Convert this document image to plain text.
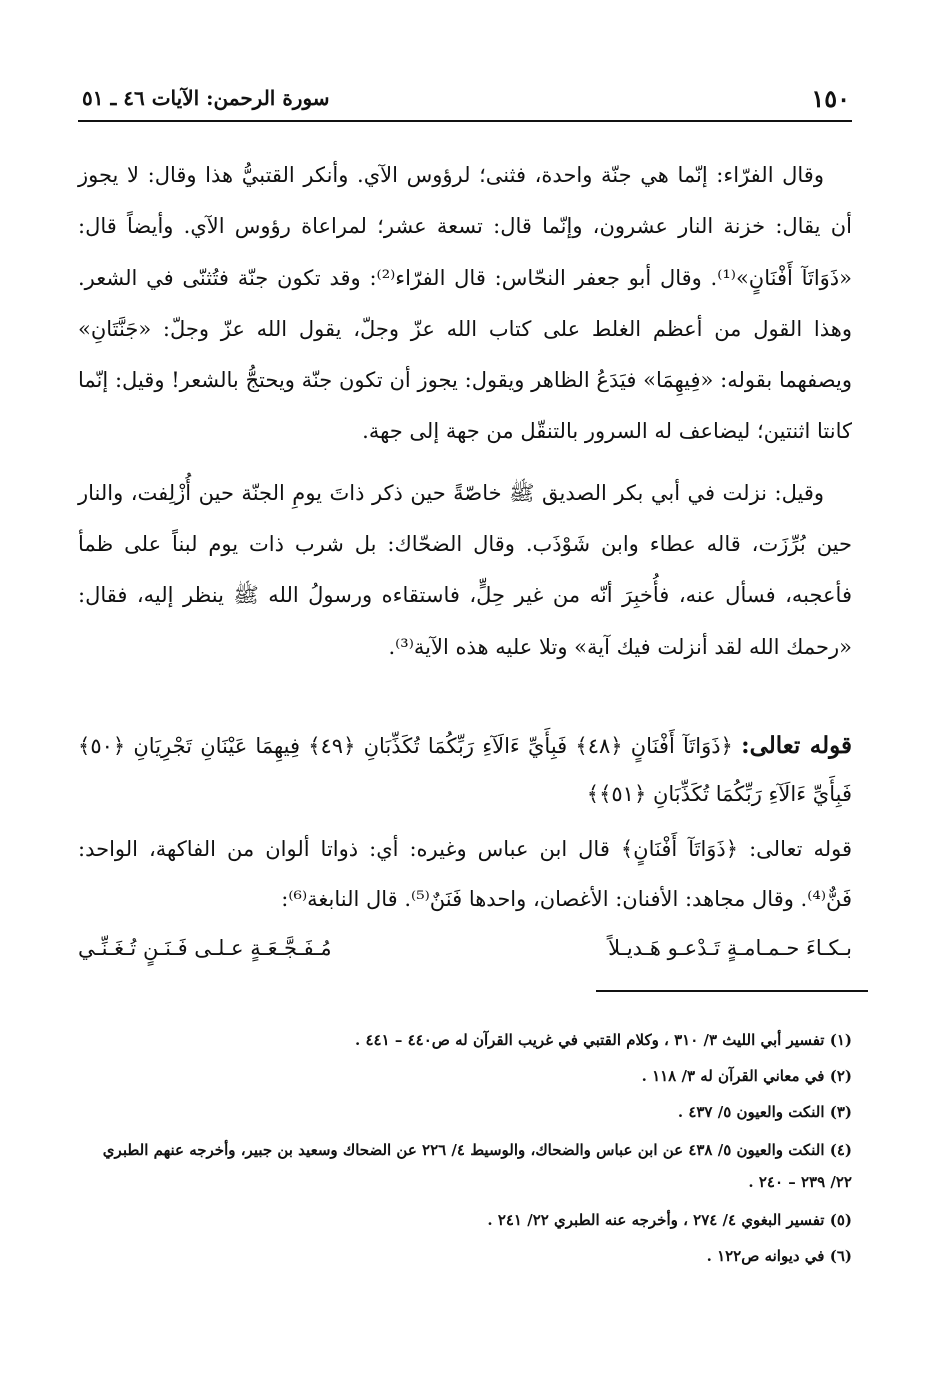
١٥٠
سورة الرحمن: الآيات ٤٦ ـ ٥١

وقال الفرّاء: إنّما هي جنّة واحدة، فثنى؛ لرؤوس الآي. وأنكر القتبيُّ هذا وقال: لا يجوز أن يقال: خزنة النار عشرون، وإنّما قال: تسعة عشر؛ لمراعاة رؤوس الآي. وأيضاً قال: «ذَوَاتَآ أَفْنَانٍ»⁽¹⁾. وقال أبو جعفر النحّاس: قال الفرّاء⁽²⁾: وقد تكون جنّة فتُثنّى في الشعر. وهذا القول من أعظم الغلط على كتاب الله عزّ وجلّ، يقول الله عزّ وجلّ: «جَنَّتَانِ» ويصفهما بقوله: «فِيهِمَا» فيَدَعُ الظاهر ويقول: يجوز أن تكون جنّة ويحتجُّ بالشعر! وقيل: إنّما كانتا اثنتين؛ ليضاعف له السرور بالتنقّل من جهة إلى جهة.

وقيل: نزلت في أبي بكر الصديق ﷺ خاصّةً حين ذكر ذاتَ يومِ الجنّة حين أُزْلِفت، والنار حين بُرِّزَت، قاله عطاء وابن شَوْذَب. وقال الضحّاك: بل شرب ذات يوم لبناً على ظمأ فأعجبه، فسأل عنه، فأُخبِرَ أنّه من غير حِلٍّ، فاستقاءه ورسولُ الله ﷺ ينظر إليه، فقال: «رحمك الله لقد أنزلت فيك آية» وتلا عليه هذه الآية⁽³⁾.

قوله تعالى: ﴿ذَوَاتَآ أَفْنَانٍ ﴿٤٨﴾ فَبِأَيِّ ءَالَآءِ رَبِّكُمَا تُكَذِّبَانِ ﴿٤٩﴾ فِيهِمَا عَيْنَانِ تَجْرِيَانِ ﴿٥٠﴾ فَبِأَيِّ ءَالَآءِ رَبِّكُمَا تُكَذِّبَانِ ﴿٥١﴾﴾
قوله تعالى: ﴿ذَوَاتَآ أَفْنَانٍ﴾ قال ابن عباس وغيره: أي: ذواتا ألوان من الفاكهة، الواحد: فَنٌّ⁽⁴⁾. وقال مجاهد: الأفنان: الأغصان، واحدها فَنَنٌ⁽⁵⁾. قال النابغة⁽⁶⁾:
بـكـاءَ حـمـامـةٍ تَـدْعـو هَـديـلاً
مُـفَـجَّـعَـةٍ عـلـى فَـنَـنٍ تُـغَـنِّـي

(١) تفسير أبي الليث ٣/ ٣١٠ ، وكلام القتبي في غريب القرآن له ص٤٤٠ – ٤٤١ .

(٢) في معاني القرآن له ٣/ ١١٨ .

(٣) النكت والعيون ٥/ ٤٣٧ .

(٤) النكت والعيون ٥/ ٤٣٨ عن ابن عباس والضحاك، والوسيط ٤/ ٢٢٦ عن الضحاك وسعيد بن جبير، وأخرجه عنهم الطبري ٢٢/ ٢٣٩ – ٢٤٠ .

(٥) تفسير البغوي ٤/ ٢٧٤ ، وأخرجه عنه الطبري ٢٢/ ٢٤١ .

(٦) في ديوانه ص١٢٢ .
